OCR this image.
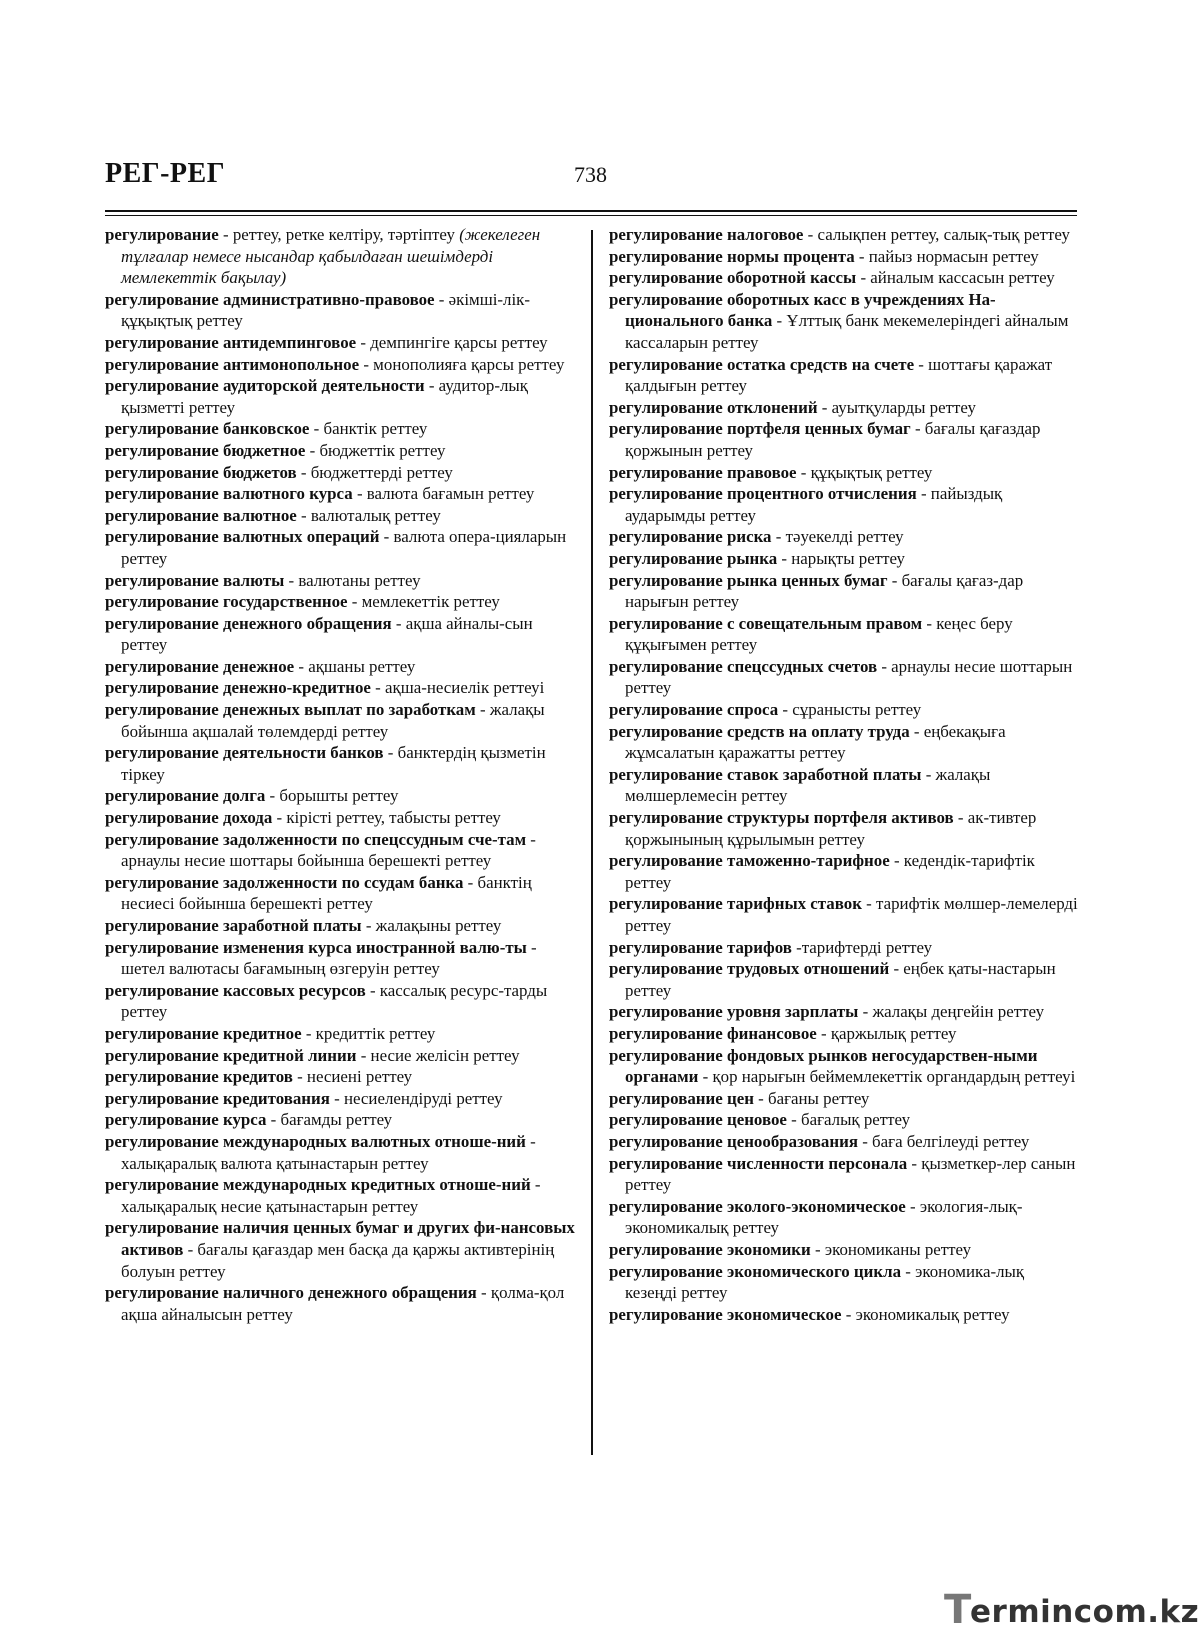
РЕГ-РЕГ	738

регулирование - реттеу, ретке келтіру, тәртіптеу (жекелеген тұлғалар немесе нысандар қабылдаған шешімдерді мемлекеттік бақылау)

регулирование административно-правовое - әкімші-лік-құқықтық реттеу

регулирование антидемпинговое - демпингіге қарсы реттеу

регулирование антимонопольное - монополияға қарсы реттеу

регулирование аудиторской деятельности - аудитор-лық қызметті реттеу

регулирование банковское - банктік реттеу

регулирование бюджетное - бюджеттік реттеу

регулирование бюджетов - бюджеттерді реттеу

регулирование валютного курса - валюта бағамын реттеу

регулирование валютное - валюталық реттеу

регулирование валютных операций - валюта опера-цияларын реттеу

регулирование валюты - валютаны реттеу

регулирование государственное - мемлекеттік реттеу

регулирование денежного обращения - ақша айналы-сын реттеу

регулирование денежное - ақшаны реттеу

регулирование денежно-кредитное - ақша-несиелік реттеуі

регулирование денежных выплат по заработкам - жалақы бойынша ақшалай төлемдерді реттеу

регулирование деятельности банков - банктердің қызметін тіркеу

регулирование долга - борышты реттеу

регулирование дохода - кірісті реттеу, табысты реттеу

регулирование задолженности по спецссудным сче-там - арнаулы несие шоттары бойынша берешекті реттеу

регулирование задолженности по ссудам банка - банктің несиесі бойынша берешекті реттеу

регулирование заработной платы - жалақыны реттеу

регулирование изменения курса иностранной валю-ты - шетел валютасы бағамының өзгеруін реттеу

регулирование кассовых ресурсов - кассалық ресурс-тарды реттеу

регулирование кредитное - кредиттік реттеу

регулирование кредитной линии - несие желісін реттеу

регулирование кредитов - несиені реттеу

регулирование кредитования - несиелендіруді реттеу

регулирование курса - бағамды реттеу

регулирование международных валютных отноше-ний - халықаралық валюта қатынастарын реттеу

регулирование международных кредитных отноше-ний - халықаралық несие қатынастарын реттеу

регулирование наличия ценных бумаг и других фи-нансовых активов - бағалы қағаздар мен басқа да қаржы активтерінің болуын реттеу

регулирование наличного денежного обращения - қолма-қол ақша айналысын реттеу

регулирование налоговое - салықпен реттеу, салық-тық реттеу

регулирование нормы процента - пайыз нормасын реттеу

регулирование оборотной кассы - айналым кассасын реттеу

регулирование оборотных касс в учреждениях На-ционального банка - Ұлттық банк мекемелеріндегі айналым кассаларын реттеу

регулирование остатка средств на счете - шоттағы қаражат қалдығын реттеу

регулирование отклонений - ауытқуларды реттеу

регулирование портфеля ценных бумаг - бағалы қағаздар қоржынын реттеу

регулирование правовое - құқықтық реттеу

регулирование процентного отчисления - пайыздық аударымды реттеу

регулирование риска - тәуекелді реттеу

регулирование рынка - нарықты реттеу

регулирование рынка ценных бумаг - бағалы қағаз-дар нарығын реттеу

регулирование с совещательным правом - кеңес беру құқығымен реттеу

регулирование спецссудных счетов - арнаулы несие шоттарын реттеу

регулирование спроса - сұранысты реттеу

регулирование средств на оплату труда - еңбекақыға жұмсалатын қаражатты реттеу

регулирование ставок заработной платы - жалақы мөлшерлемесін реттеу

регулирование структуры портфеля активов - ак-тивтер қоржынының құрылымын реттеу

регулирование таможенно-тарифное - кедендік-тарифтік реттеу

регулирование тарифных ставок - тарифтік мөлшер-лемелерді реттеу

регулирование тарифов -тарифтерді реттеу

регулирование трудовых отношений - еңбек қаты-настарын реттеу

регулирование уровня зарплаты - жалақы деңгейін реттеу

регулирование финансовое - қаржылық реттеу

регулирование фондовых рынков негосударствен-ными органами - қор нарығын беймемлекеттік органдардың реттеуі

регулирование цен - бағаны реттеу

регулирование ценовое - бағалық реттеу

регулирование ценообразования - баға белгілеуді реттеу

регулирование численности персонала - қызметкер-лер санын реттеу

регулирование эколого-экономическое - экология-лық-экономикалық реттеу

регулирование экономики - экономиканы реттеу

регулирование экономического цикла - экономика-лық кезеңді реттеу

регулирование экономическое - экономикалық реттеу

T
ermincom.kz
